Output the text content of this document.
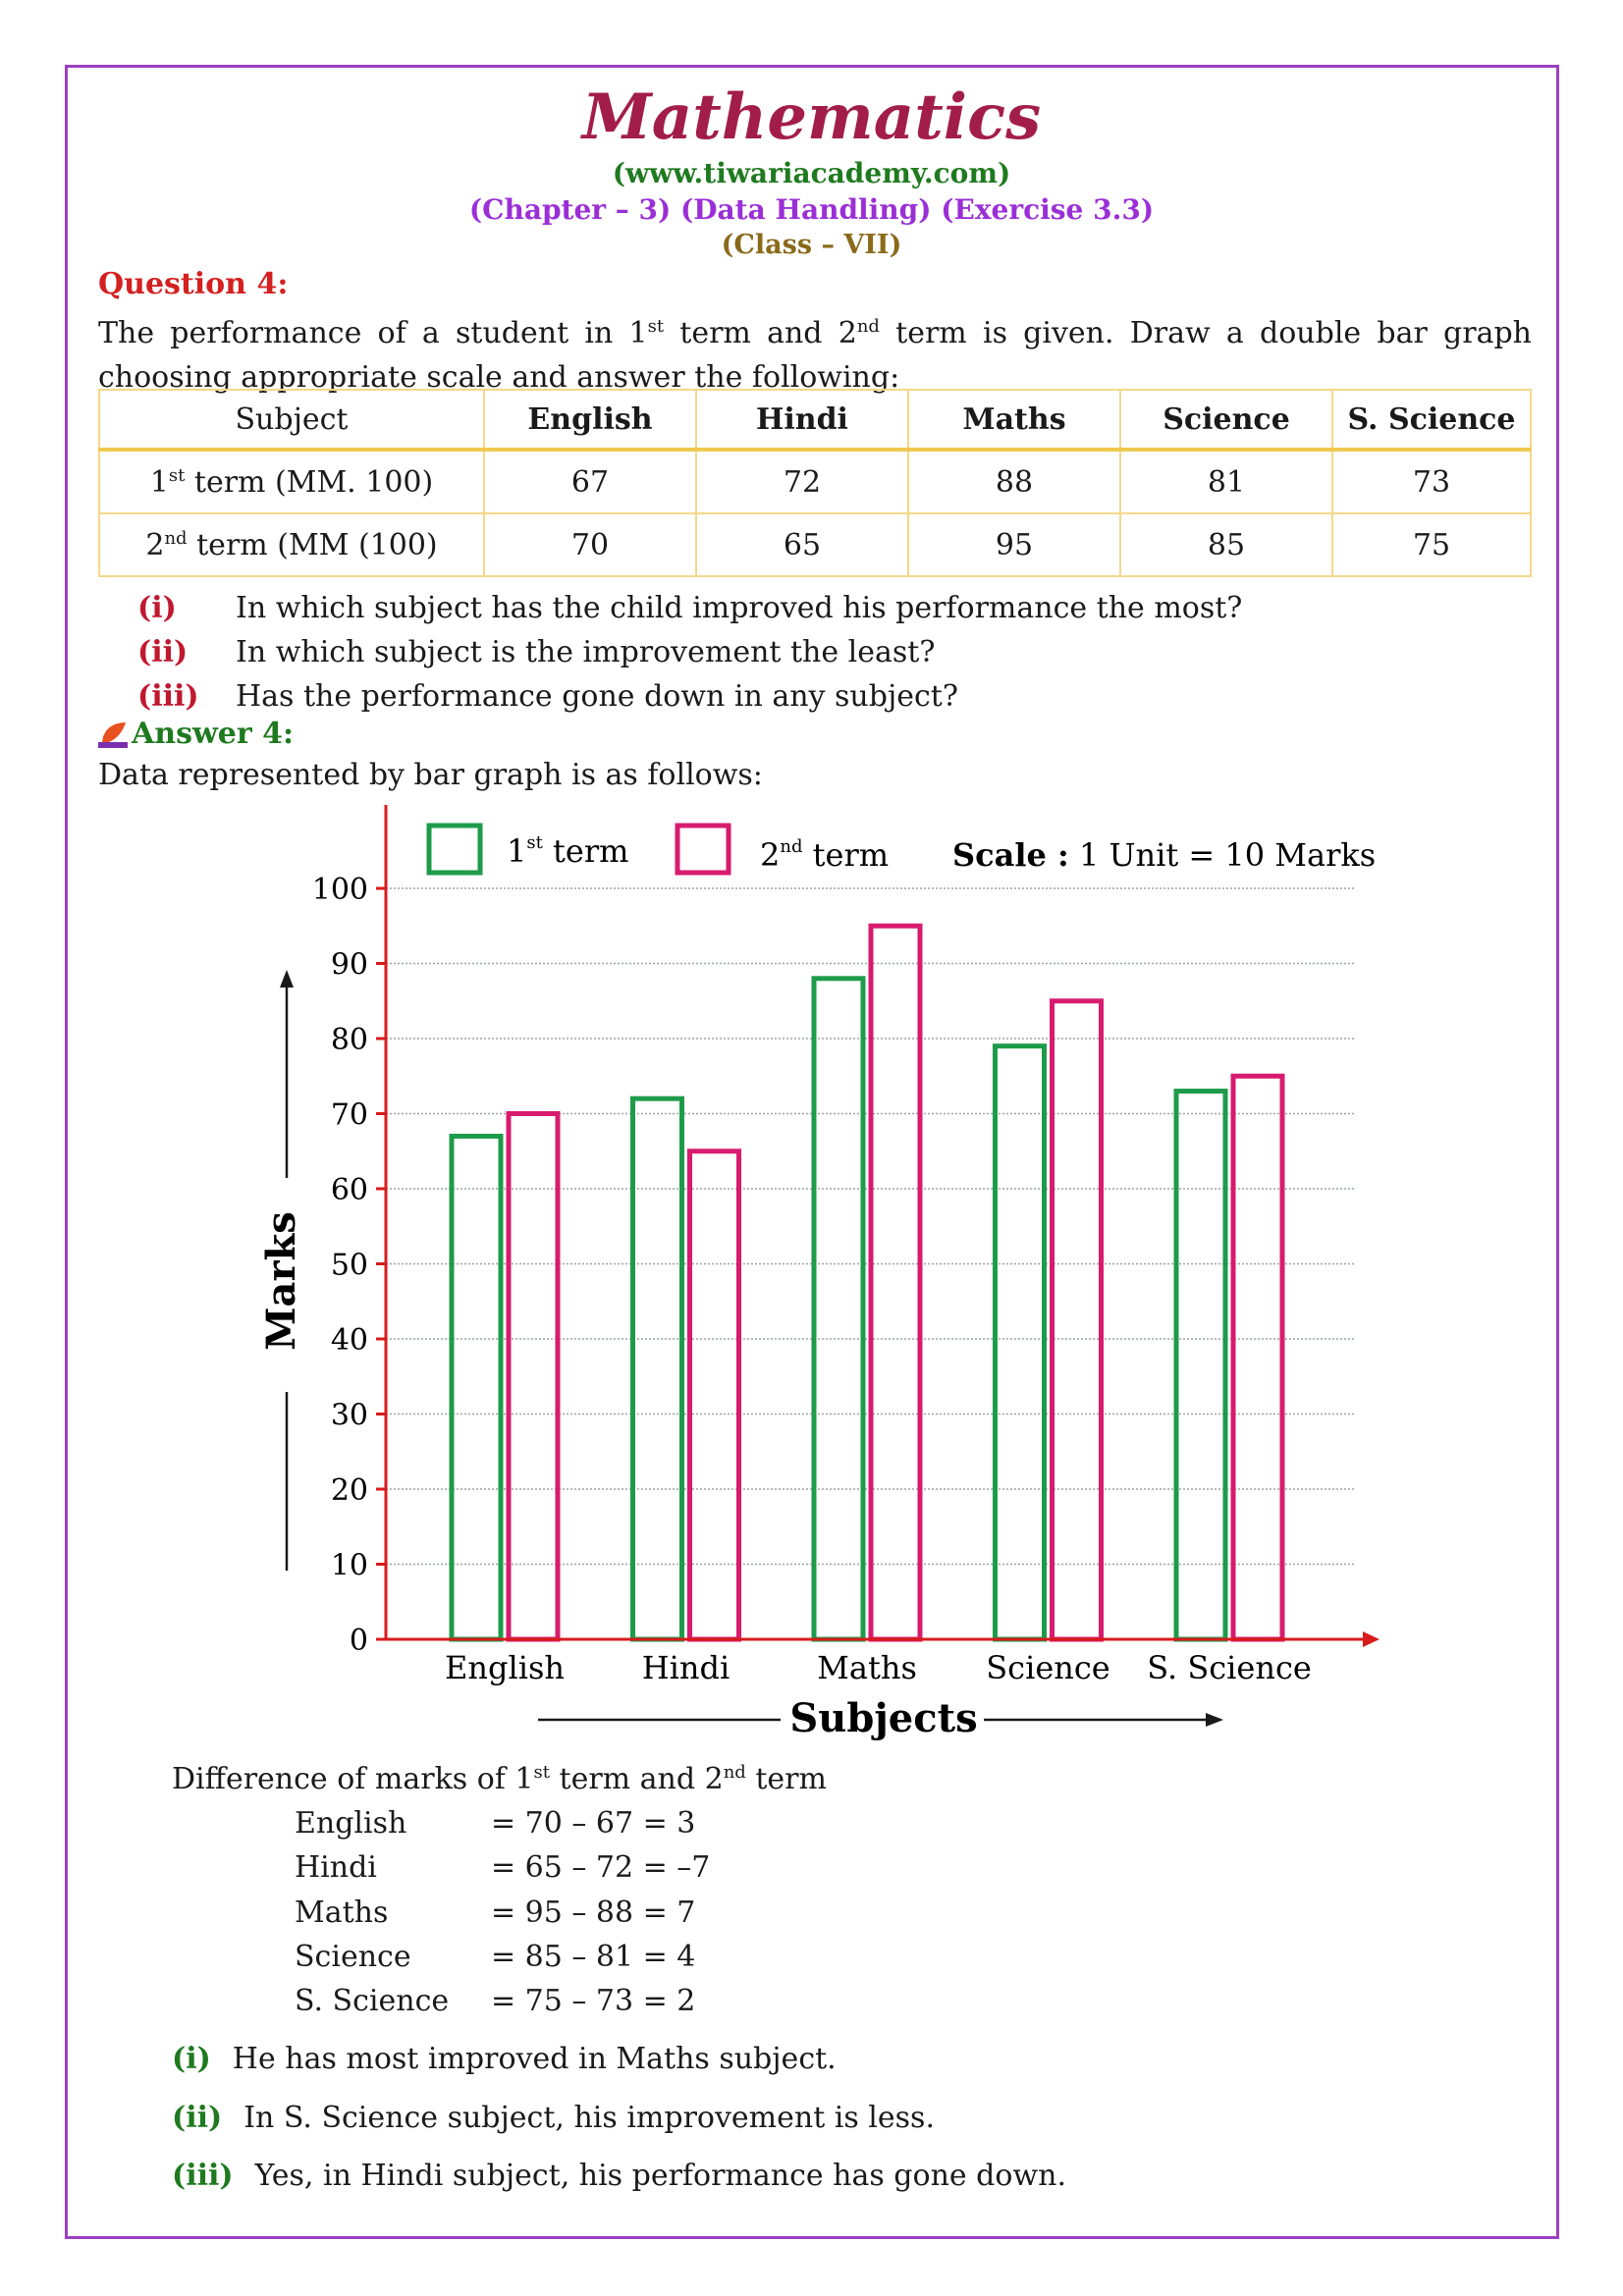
Mathematics
(www.tiwariacademy.com)
(Chapter – 3) (Data Handling) (Exercise 3.3)
(Class – VII)
Question 4:
The performance of a student in 1st term and 2nd term is given. Draw a double bar graph choosing appropriate scale and answer the following:
Subject	English	Hindi	Maths	Science	S. Science
1st term (MM. 100)	67	72	88	81	73
2nd term (MM (100)	70	65	95	85	75
(i) In which subject has the child improved his performance the most?
(ii) In which subject is the improvement the least?
(iii) Has the performance gone down in any subject?
Answer 4:
Data represented by bar graph is as follows:
0
10
20
30
40
50
60
70
80
90
100
English Hindi	Maths Science S. Science
1st term	2nd term Scale : 1 Unit = 10 Marks
Marks
Subjects
Difference of marks of 1st term and 2nd term
English	= 70 – 67 = 3
Hindi	= 65 – 72 = –7
Maths	= 95 – 88 = 7
Science	= 85 – 81 = 4
S. Science = 75 – 73 = 2
(i) He has most improved in Maths subject.
(ii) In S. Science subject, his improvement is less.
(iii) Yes, in Hindi subject, his performance has gone down.
